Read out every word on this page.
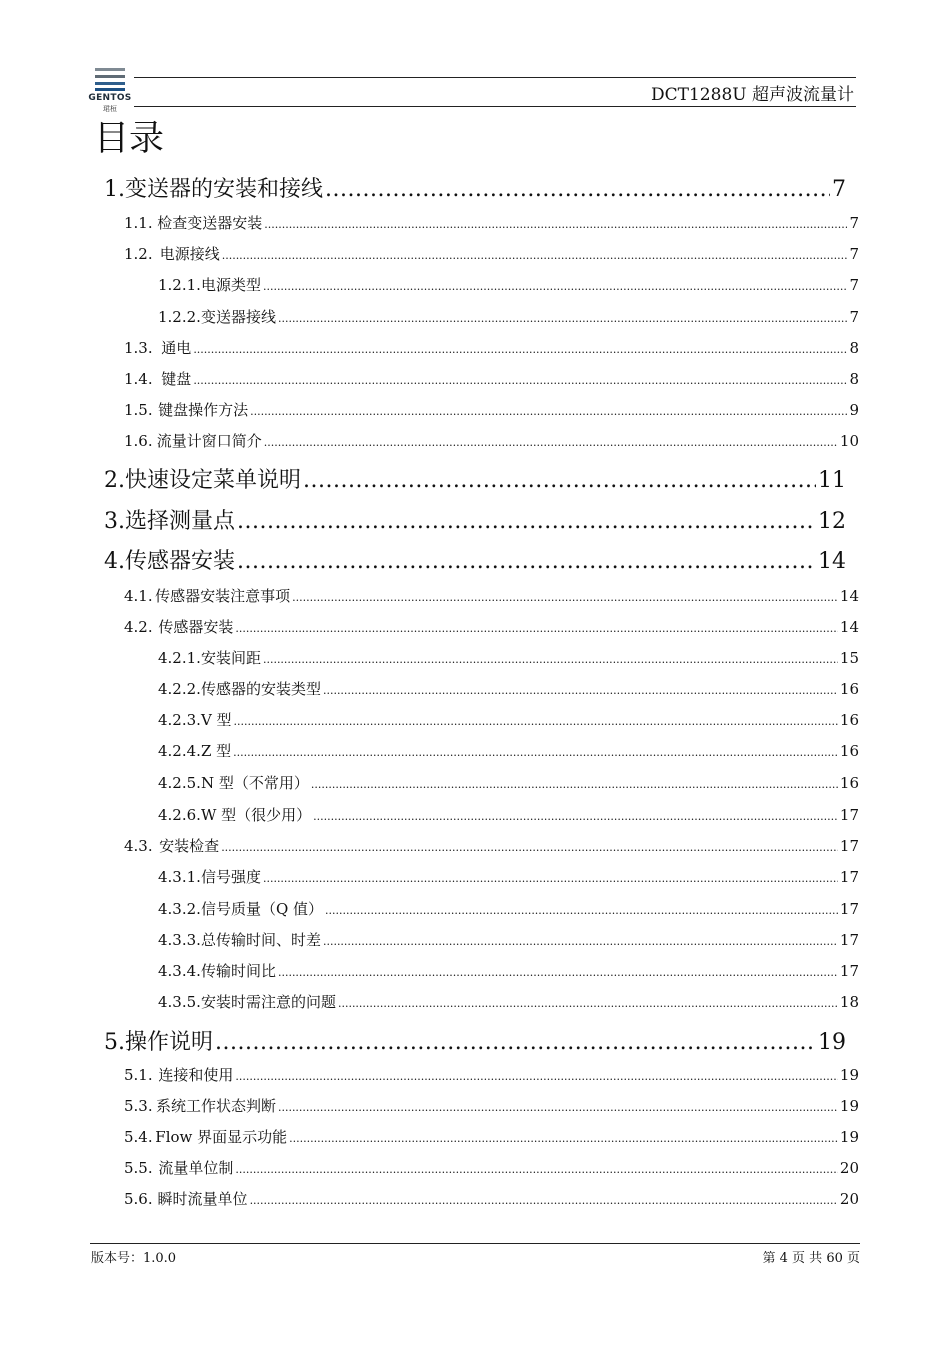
GENTOS
珺桓
DCT1288U 超声波流量计
目录
1. 变送器的安装和接线 .....	7
1.1. 检查变送器安装 .....	7
1.2. 电源接线 .....	7
1.2.1. 电源类型 .....	7
1.2.2. 变送器接线 .....	7
1.3. 通电 .....	8
1.4. 键盘 .....	8
1.5. 键盘操作方法 .....	9
1.6. 流量计窗口简介 .....	10
2. 快速设定菜单说明 .....	11
3. 选择测量点 .....	12
4. 传感器安装 .....	14
4.1. 传感器安装注意事项 .....	14
4.2. 传感器安装 .....	14
4.2.1. 安装间距 .....	15
4.2.2. 传感器的安装类型 .....	16
4.2.3. V 型 .....	16
4.2.4. Z 型 .....	16
4.2.5. N 型（不常用） .....	16
4.2.6. W 型（很少用） .....	17
4.3. 安装检查 .....	17
4.3.1. 信号强度 .....	17
4.3.2. 信号质量（Q 值） .....	17
4.3.3. 总传输时间、时差 .....	17
4.3.4. 传输时间比 .....	17
4.3.5. 安装时需注意的问题 .....	18
5. 操作说明 .....	19
5.1. 连接和使用 .....	19
5.3. 系统工作状态判断 .....	19
5.4. Flow 界面显示功能 .....	19
5.5. 流量单位制 .....	20
5.6. 瞬时流量单位 .....	20
版本号：1.0.0	第 4 页 共 60 页
